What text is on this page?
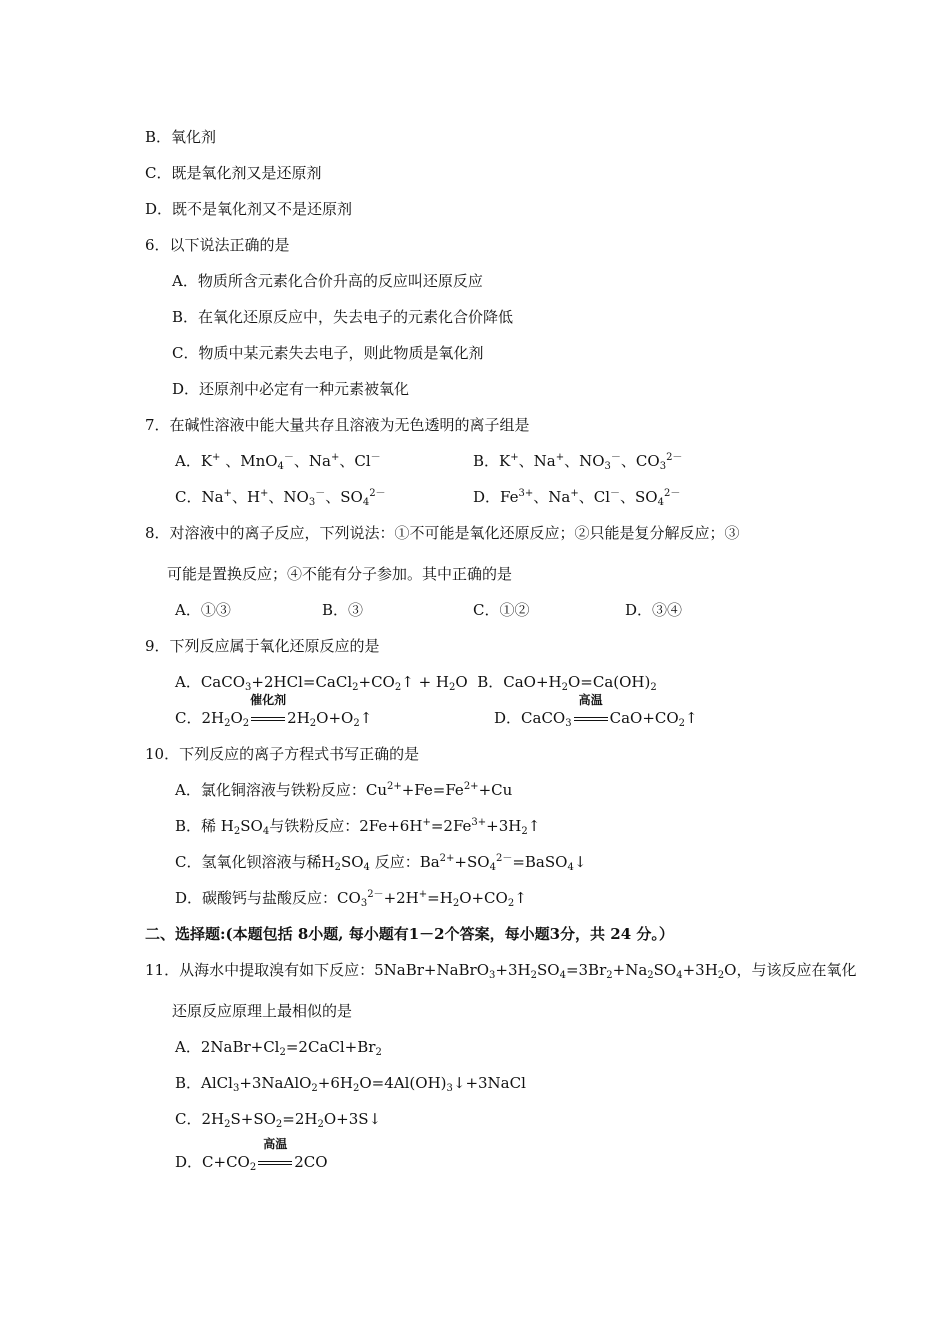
B．氧化剂
C．既是氧化剂又是还原剂
D．既不是氧化剂又不是还原剂
6．以下说法正确的是
A．物质所含元素化合价升高的反应叫还原反应
B．在氧化还原反应中，失去电子的元素化合价降低
C．物质中某元素失去电子，则此物质是氧化剂
D．还原剂中必定有一种元素被氧化
7．在碱性溶液中能大量共存且溶液为无色透明的离子组是
A．K+ 、MnO$_4$－、Na+、Cl－	B．K+、Na+、$NO_3^-$、$CO_3^{2-}$
C．Na+、H+、$NO_3^-$、$SO_4^{2-}$	D．$Fe^{3+}$、Na+、Cl－、$SO_4^{2-}$
8．对溶液中的离子反应，下列说法：①不可能是氧化还原反应；②只能是复分解反应；③
可能是置换反应；④不能有分子参加。其中正确的是
A．①③	B．③	C．①②	D．③④
9．下列反应属于氧化还原反应的是
A．$CaCO_3+2HCl=CaCl_2+CO_2↑ + H_2O$  B．$CaO+H_2O=Ca(OH)_2$
C．$2H_2O_2$
催化剂
$2H_2O+O_2↑$	D．CaCO$_3$
高温
$CaO+CO_2↑$
10．下列反应的离子方程式书写正确的是
A．氯化铜溶液与铁粉反应：$Cu^{2+}+Fe=Fe^{2+}+Cu$
B．稀 $H_2SO_4$与铁粉反应：$2Fe+6H^+=2Fe^{3+}+3H_2↑$
C．氢氧化钡溶液与稀$H_2SO_4$ 反应：$Ba^{2+}+SO_4^{2-}=BaSO_4↓$
D．碳酸钙与盐酸反应：$CO_3^{2-}+2H^+=H_2O+CO_2↑$
二、选择题:(本题包括 8小题, 每小题有1－2个答案，每小题3分，共 24 分。）
11．从海水中提取溴有如下反应：$5NaBr+NaBrO_3+3H_2SO_4=3Br_2+Na_2SO_4+3H_2O$，与该反应在氧化
还原反应原理上最相似的是
A．$2NaBr+Cl_2=2CaCl+Br_2$
B．$AlCl_3+3NaAlO_2+6H_2O=4Al(OH)_3↓+3NaCl$
C．$2H_2S+SO_2=2H_2O+3S↓$
D．$C+CO_2$
高温
2CO
